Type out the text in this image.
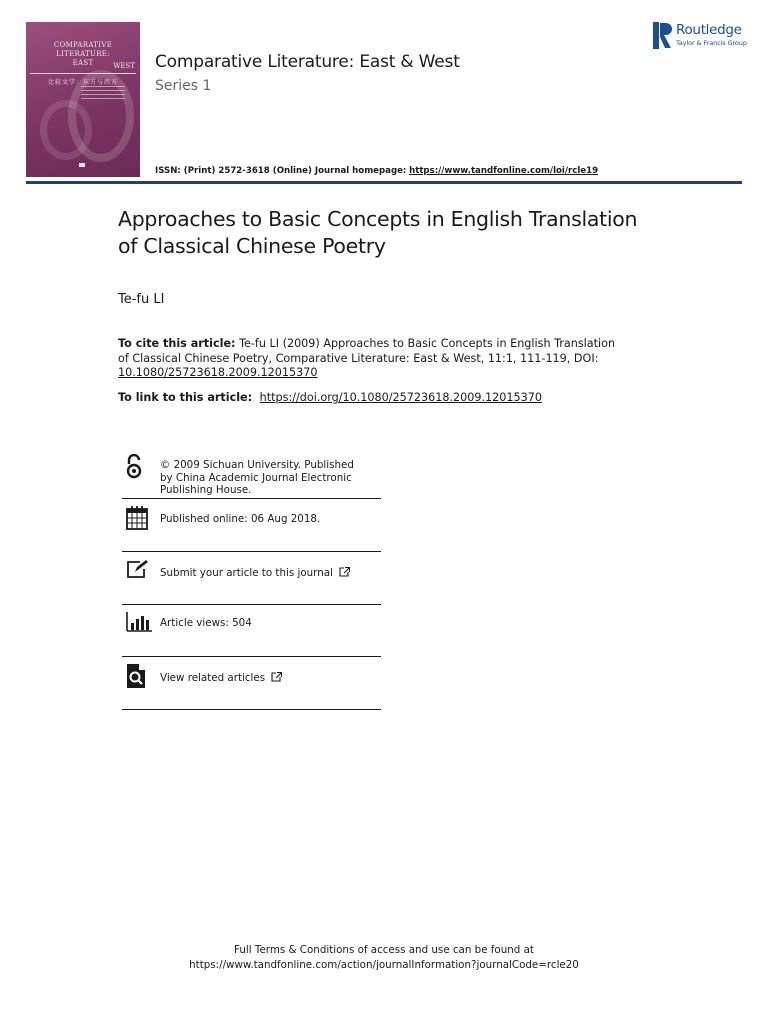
COMPARATIVE LITERATURE:
EAST	WEST
比较文学：东方与西方
Comparative Literature: East & West
Series 1
ISSN: (Print) 2572-3618 (Online) Journal homepage: https://www.tandfonline.com/loi/rcle19
Routledge
Taylor & Francis Group
Approaches to Basic Concepts in English Translation of Classical Chinese Poetry
Te-fu LI
To cite this article: Te-fu LI (2009) Approaches to Basic Concepts in English Translation of Classical Chinese Poetry, Comparative Literature: East & West, 11:1, 111-119, DOI:
10.1080/25723618.2009.12015370
To link to this article: https://doi.org/10.1080/25723618.2009.12015370
© 2009 Sichuan University. Published by China Academic Journal Electronic Publishing House.
Published online: 06 Aug 2018.
Submit your article to this journal
Article views: 504
View related articles
Full Terms & Conditions of access and use can be found at
https://www.tandfonline.com/action/journalInformation?journalCode=rcle20
